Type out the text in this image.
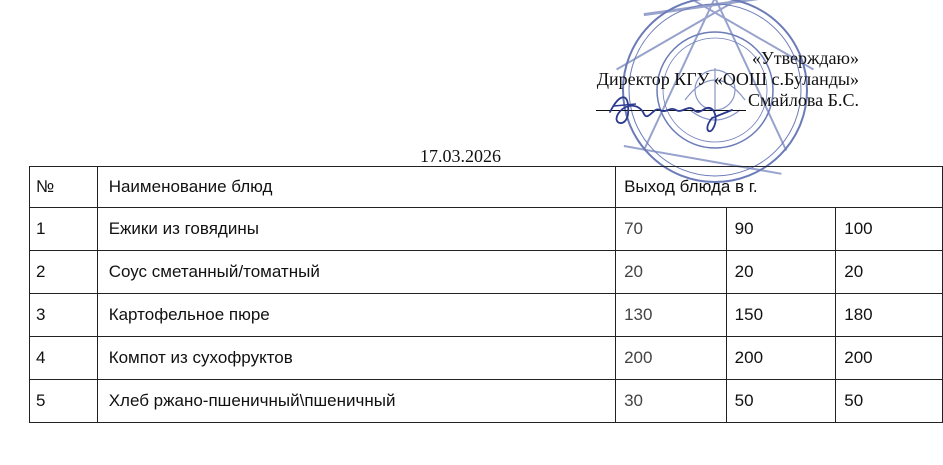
«Утверждаю»
Директор КГУ «ООШ с.Буланды»
Смайлова Б.С.
17.03.2026
№	Наименование блюд	Выход блюда в г.		
1	Ежики из говядины	70	90	100
2	Соус сметанный/томатный	20	20	20
3	Картофельное пюре	130	150	180
4	Компот из сухофруктов	200	200	200
5	Хлеб ржано-пшеничный\пшеничный	30	50	50
